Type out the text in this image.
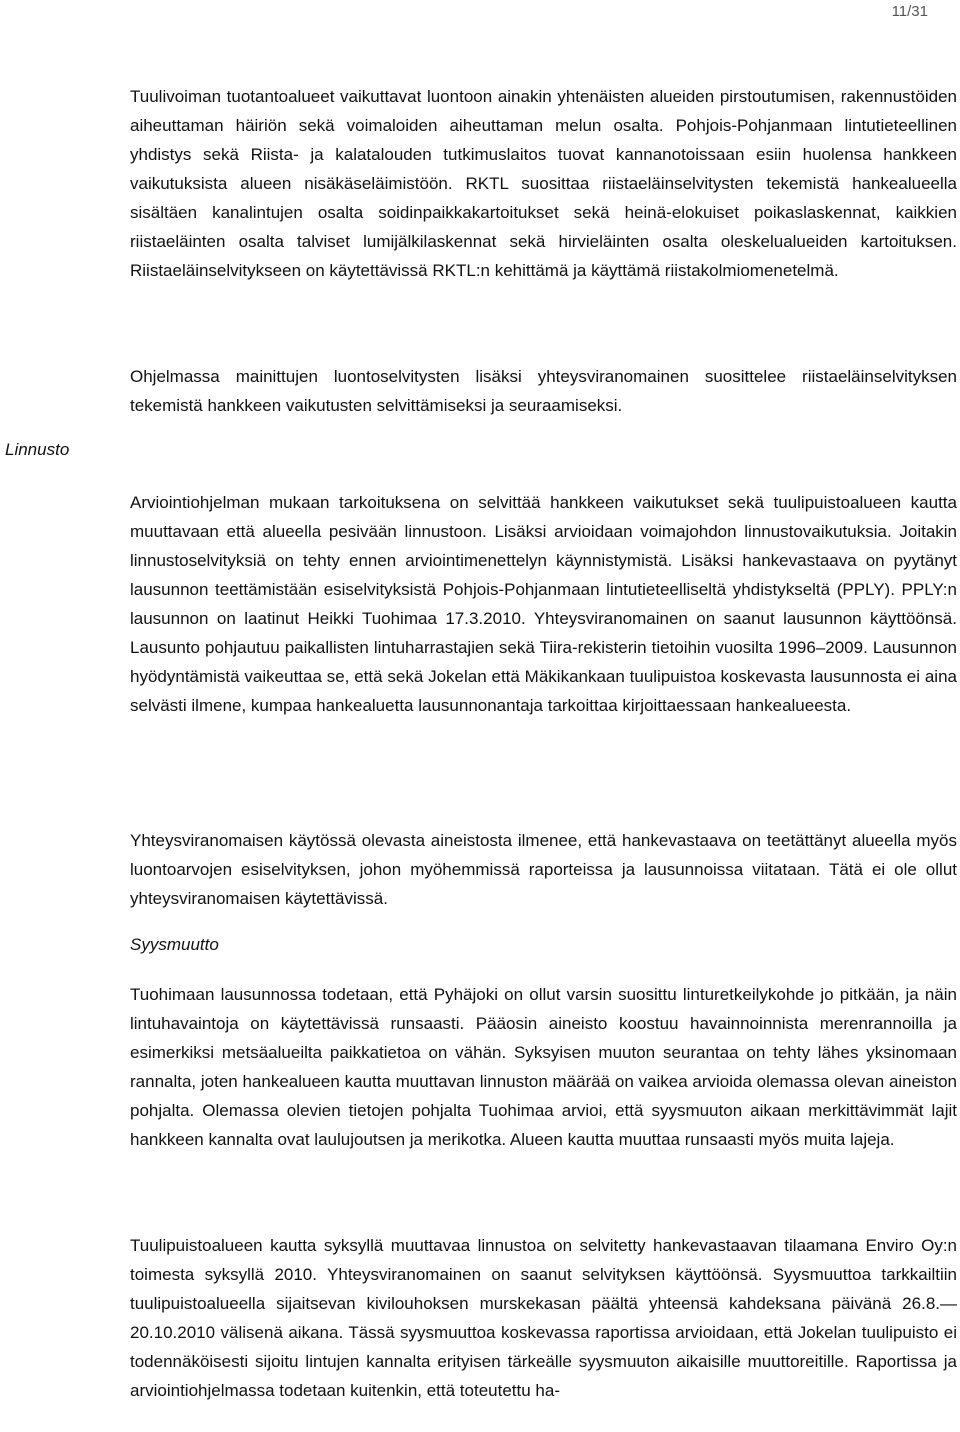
11/31
Linnusto

Tuulivoiman tuotantoalueet vaikuttavat luontoon ainakin yhtenäisten alueiden pirstoutumisen, rakennustöiden aiheuttaman häiriön sekä voimaloiden aiheuttaman melun osalta. Pohjois-Pohjanmaan lintutieteellinen yhdistys sekä Riista- ja kalatalouden tutkimuslaitos tuovat kannanotoissaan esiin huolensa hankkeen vaikutuksista alueen nisäkäseläimistöön. RKTL suosittaa riistaeläinselvitysten tekemistä hankealueella sisältäen kanalintujen osalta soidinpaikkakartoitukset sekä heinä-elokuiset poikaslaskennat, kaikkien riistaeläinten osalta talviset lumijälkilaskennat sekä hirvieläinten osalta oleskelualueiden kartoituksen. Riistaeläinselvitykseen on käytettävissä RKTL:n kehittämä ja käyttämä riistakolmiomenetelmä.

Ohjelmassa mainittujen luontoselvitysten lisäksi yhteysviranomainen suosittelee riistaeläinselvityksen tekemistä hankkeen vaikutusten selvittämiseksi ja seuraamiseksi.

Arviointiohjelman mukaan tarkoituksena on selvittää hankkeen vaikutukset sekä tuulipuistoalueen kautta muuttavaan että alueella pesivään linnustoon. Lisäksi arvioidaan voimajohdon linnustovaikutuksia. Joitakin linnustoselvityksiä on tehty ennen arviointimenettelyn käynnistymistä. Lisäksi hankevastaava on pyytänyt lausunnon teettämistään esiselvityksistä Pohjois-Pohjanmaan lintutieteelliseltä yhdistykseltä (PPLY). PPLY:n lausunnon on laatinut Heikki Tuohimaa 17.3.2010. Yhteysviranomainen on saanut lausunnon käyttöönsä. Lausunto pohjautuu paikallisten lintuharrastajien sekä Tiira-rekisterin tietoihin vuosilta 1996–2009. Lausunnon hyödyntämistä vaikeuttaa se, että sekä Jokelan että Mäkikankaan tuulipuistoa koskevasta lausunnosta ei aina selvästi ilmene, kumpaa hankealuetta lausunnonantaja tarkoittaa kirjoittaessaan hankealueesta.

Yhteysviranomaisen käytössä olevasta aineistosta ilmenee, että hankevastaava on teetättänyt alueella myös luontoarvojen esiselvityksen, johon myöhemmissä raporteissa ja lausunnoissa viitataan. Tätä ei ole ollut yhteysviranomaisen käytettävissä.

Syysmuutto

Tuohimaan lausunnossa todetaan, että Pyhäjoki on ollut varsin suosittu linturetkeilykohde jo pitkään, ja näin lintuhavaintoja on käytettävissä runsaasti. Pääosin aineisto koostuu havainnoinnista merenrannoilla ja esimerkiksi metsäalueilta paikkatietoa on vähän. Syksyisen muuton seurantaa on tehty lähes yksinomaan rannalta, joten hankealueen kautta muuttavan linnuston määrää on vaikea arvioida olemassa olevan aineiston pohjalta. Olemassa olevien tietojen pohjalta Tuohimaa arvioi, että syysmuuton aikaan merkittävimmät lajit hankkeen kannalta ovat laulujoutsen ja merikotka. Alueen kautta muuttaa runsaasti myös muita lajeja.

Tuulipuistoalueen kautta syksyllä muuttavaa linnustoa on selvitetty hankevastaavan tilaamana Enviro Oy:n toimesta syksyllä 2010. Yhteysviranomainen on saanut selvityksen käyttöönsä. Syysmuuttoa tarkkailtiin tuulipuistoalueella sijaitsevan kivilouhoksen murskekasan päältä yhteensä kahdeksana päivänä 26.8.—20.10.2010 välisenä aikana. Tässä syysmuuttoa koskevassa raportissa arvioidaan, että Jokelan tuulipuisto ei todennäköisesti sijoitu lintujen kannalta erityisen tärkeälle syysmuuton aikaisille muuttoreitille. Raportissa ja arviointiohjelmassa todetaan kuitenkin, että toteutettu ha-
